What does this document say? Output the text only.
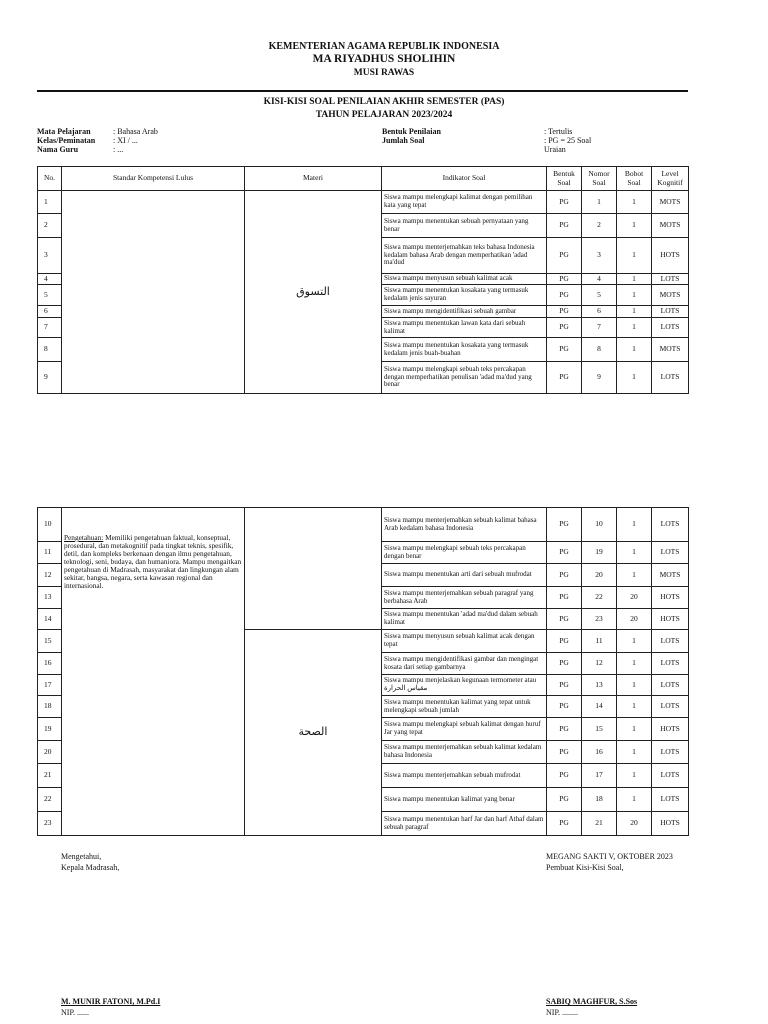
KEMENTERIAN AGAMA REPUBLIK INDONESIA
MA RIYADHUS SHOLIHIN
MUSI RAWAS
KISI-KISI SOAL PENILAIAN AKHIR SEMESTER (PAS)
TAHUN PELAJARAN 2023/2024
Mata Pelajaran	: Bahasa Arab
Kelas/Peminatan	: XI / ...
Nama Guru	: ...
Bentuk Penilaian	: Tertulis
Jumlah Soal	: PG = 25 Soal
Uraian
No.	Standar Kompetensi Lulus	Materi	Indikator Soal	Bentuk Soal	Nomor Soal	Bobot Soal	Level Kognitif
1		التسوق	Siswa mampu melengkapi kalimat dengan pemilihan kata yang tepat	PG	1	1	MOTS
2			Siswa mampu menentukan sebuah pernyataan yang benar	PG	2	1	MOTS
3			Siswa mampu menterjemahkan teks bahasa Indonesia kedalam bahasa Arab dengan memperhatikan 'adad ma'dud	PG	3	1	HOTS
4			Siswa mampu menyusun sebuah kalimat acak	PG	4	1	LOTS
5			Siswa mampu menentukan kosakata yang termasuk kedalam jenis sayuran	PG	5	1	MOTS
6			Siswa mampu mengidentifikasi sebuah gambar	PG	6	1	LOTS
7			Siswa mampu menentukan lawan kata dari sebuah kalimat	PG	7	1	LOTS
8			Siswa mampu menentukan kosakata yang termasuk kedalam jenis buah-buahan	PG	8	1	MOTS
9			Siswa mampu melengkapi sebuah teks percakapan dengan memperhatikan penulisan 'adad ma'dud yang benar	PG	9	1	LOTS
10	Pengetahuan: Memiliki pengetahuan faktual, konseptual, prosedural, dan metakognitif pada tingkat teknis, spesifik, detil, dan kompleks berkenaan dengan ilmu pengetahuan, teknologi, seni, budaya, dan humaniora. Mampu mengaitkan pengetahuan di Madrasah, masyarakat dan lingkungan alam sekitar, bangsa, negara, serta kawasan regional dan internasional.		Siswa mampu menterjemahkan sebuah kalimat bahasa Arab kedalam bahasa Indonesia	PG	10	1	LOTS
11			Siswa mampu melengkapi sebuah teks percakapan dengan benar	PG	19	1	LOTS
12			Siswa mampu menentukan arti dari sebuah mufrodat	PG	20	1	MOTS
13			Siswa mampu menterjemahkan sebuah paragraf yang berbahasa Arab	PG	22	20	HOTS
14			Siswa mampu menentukan 'adad ma'dud dalam sebuah kalimat	PG	23	20	HOTS
15		الصحة	Siswa mampu menyusun sebuah kalimat acak dengan tepat	PG	11	1	LOTS
16			Siswa mampu mengidentifikasi gambar dan mengingat kosata dari setiap gambarnya	PG	12	1	LOTS
17			Siswa mampu menjelaskan kegunaan termometer atau مقياس الحرارة	PG	13	1	LOTS
18			Siswa mampu menentukan kalimat yang tepat untuk melengkapi sebuah jumlah	PG	14	1	LOTS
19			Siswa mampu melengkapi sebuah kalimat dengan huruf Jar yang tepat	PG	15	1	HOTS
20			Siswa mampu menterjemahkan sebuah kalimat kedalam bahasa Indonesia	PG	16	1	LOTS
21			Siswa mampu menterjemahkan sebuah mufrodat	PG	17	1	LOTS
22			Siswa mampu menentukan kalimat yang benar	PG	18	1	LOTS
23			Siswa mampu menentukan harf Jar dan harf Athaf dalam sebuah paragraf	PG	21	20	HOTS
Mengetahui,
Kepala Madrasah,
M. MUNIR FATONI, M.Pd.I
NIP. ......
MEGANG SAKTI V, OKTOBER 2023
Pembuat Kisi-Kisi Soal,
SABIQ MAGHFUR, S.Sos
NIP. ........
